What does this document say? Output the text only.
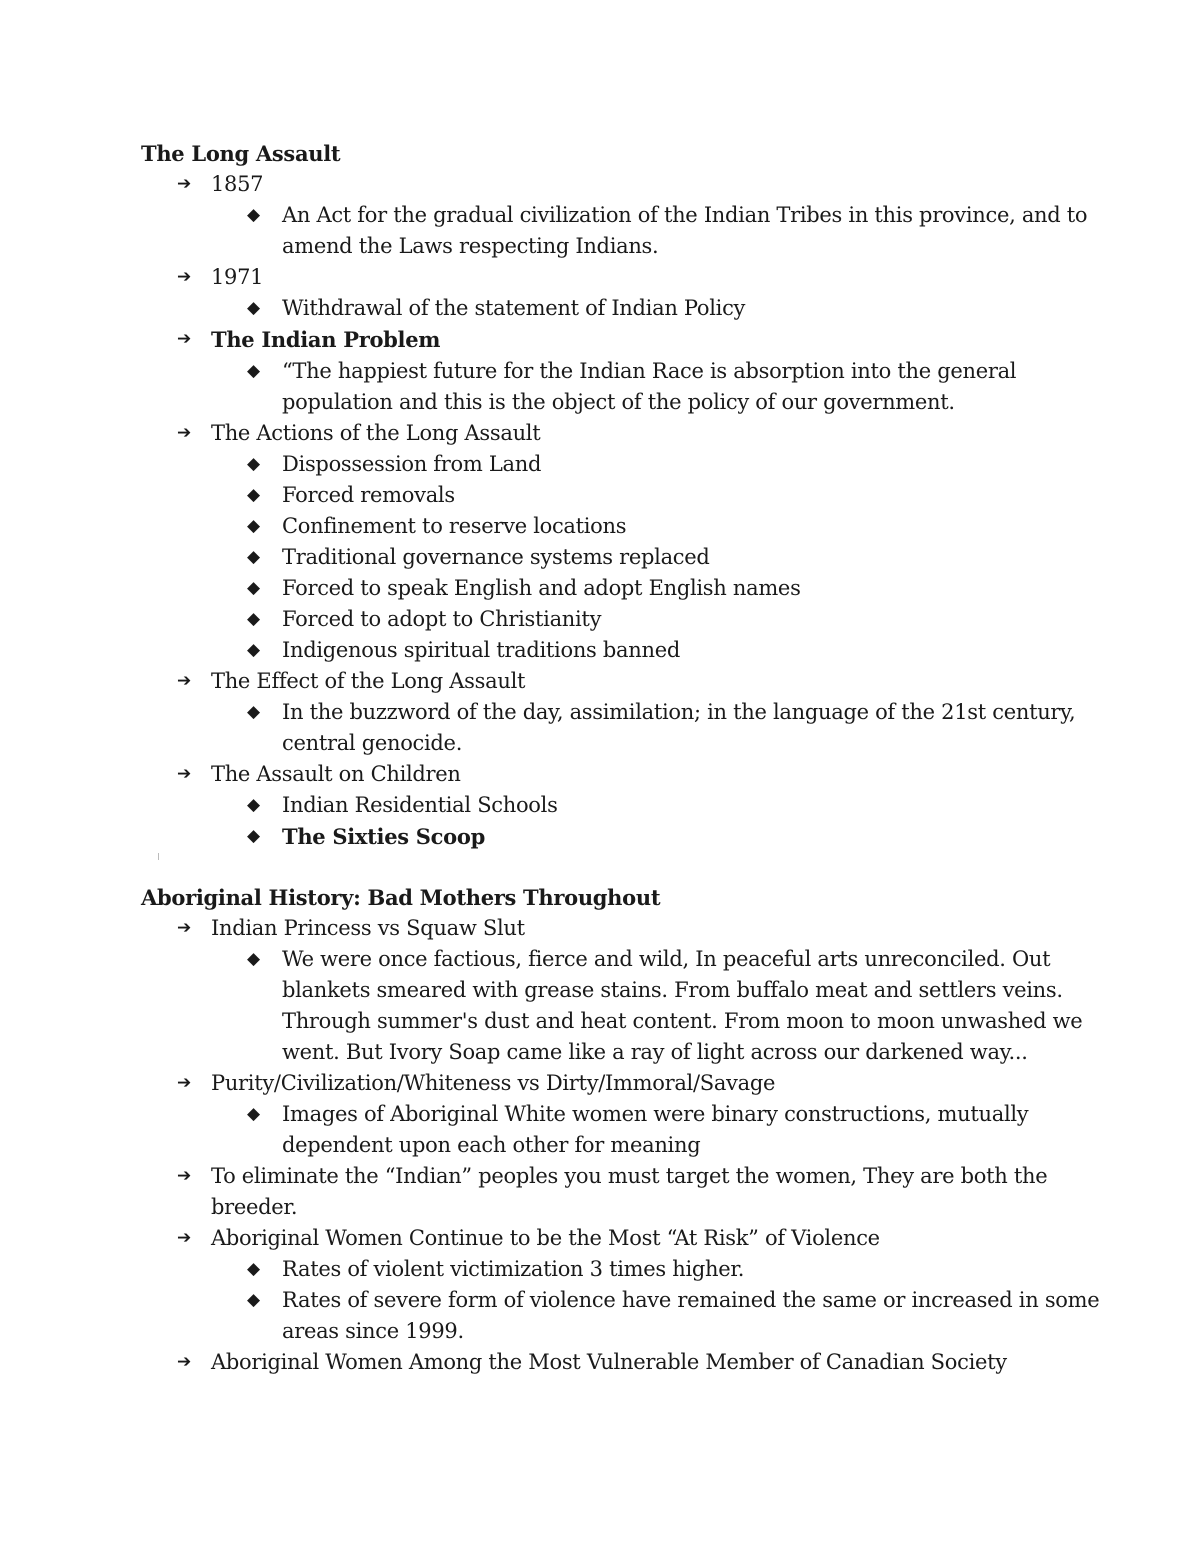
The Long Assault
➔ 1857
◆ An Act for the gradual civilization of the Indian Tribes in this province, and to amend the Laws respecting Indians.
➔ 1971
◆ Withdrawal of the statement of Indian Policy
➔ The Indian Problem
◆ “The happiest future for the Indian Race is absorption into the general population and this is the object of the policy of our government.
➔ The Actions of the Long Assault
◆ Dispossession from Land
◆ Forced removals
◆ Confinement to reserve locations
◆ Traditional governance systems replaced
◆ Forced to speak English and adopt English names
◆ Forced to adopt to Christianity
◆ Indigenous spiritual traditions banned
➔ The Effect of the Long Assault
◆ In the buzzword of the day, assimilation; in the language of the 21st century, central genocide.
➔ The Assault on Children
◆ Indian Residential Schools
◆ The Sixties Scoop
Aboriginal History: Bad Mothers Throughout
➔ Indian Princess vs Squaw Slut
◆ We were once factious, fierce and wild, In peaceful arts unreconciled. Out blankets smeared with grease stains. From buffalo meat and settlers veins. Through summer's dust and heat content. From moon to moon unwashed we went. But Ivory Soap came like a ray of light across our darkened way...
➔ Purity/Civilization/Whiteness vs Dirty/Immoral/Savage
◆ Images of Aboriginal White women were binary constructions, mutually dependent upon each other for meaning
➔ To eliminate the “Indian” peoples you must target the women, They are both the breeder.
➔ Aboriginal Women Continue to be the Most “At Risk” of Violence
◆ Rates of violent victimization 3 times higher.
◆ Rates of severe form of violence have remained the same or increased in some areas since 1999.
➔ Aboriginal Women Among the Most Vulnerable Member of Canadian Society
